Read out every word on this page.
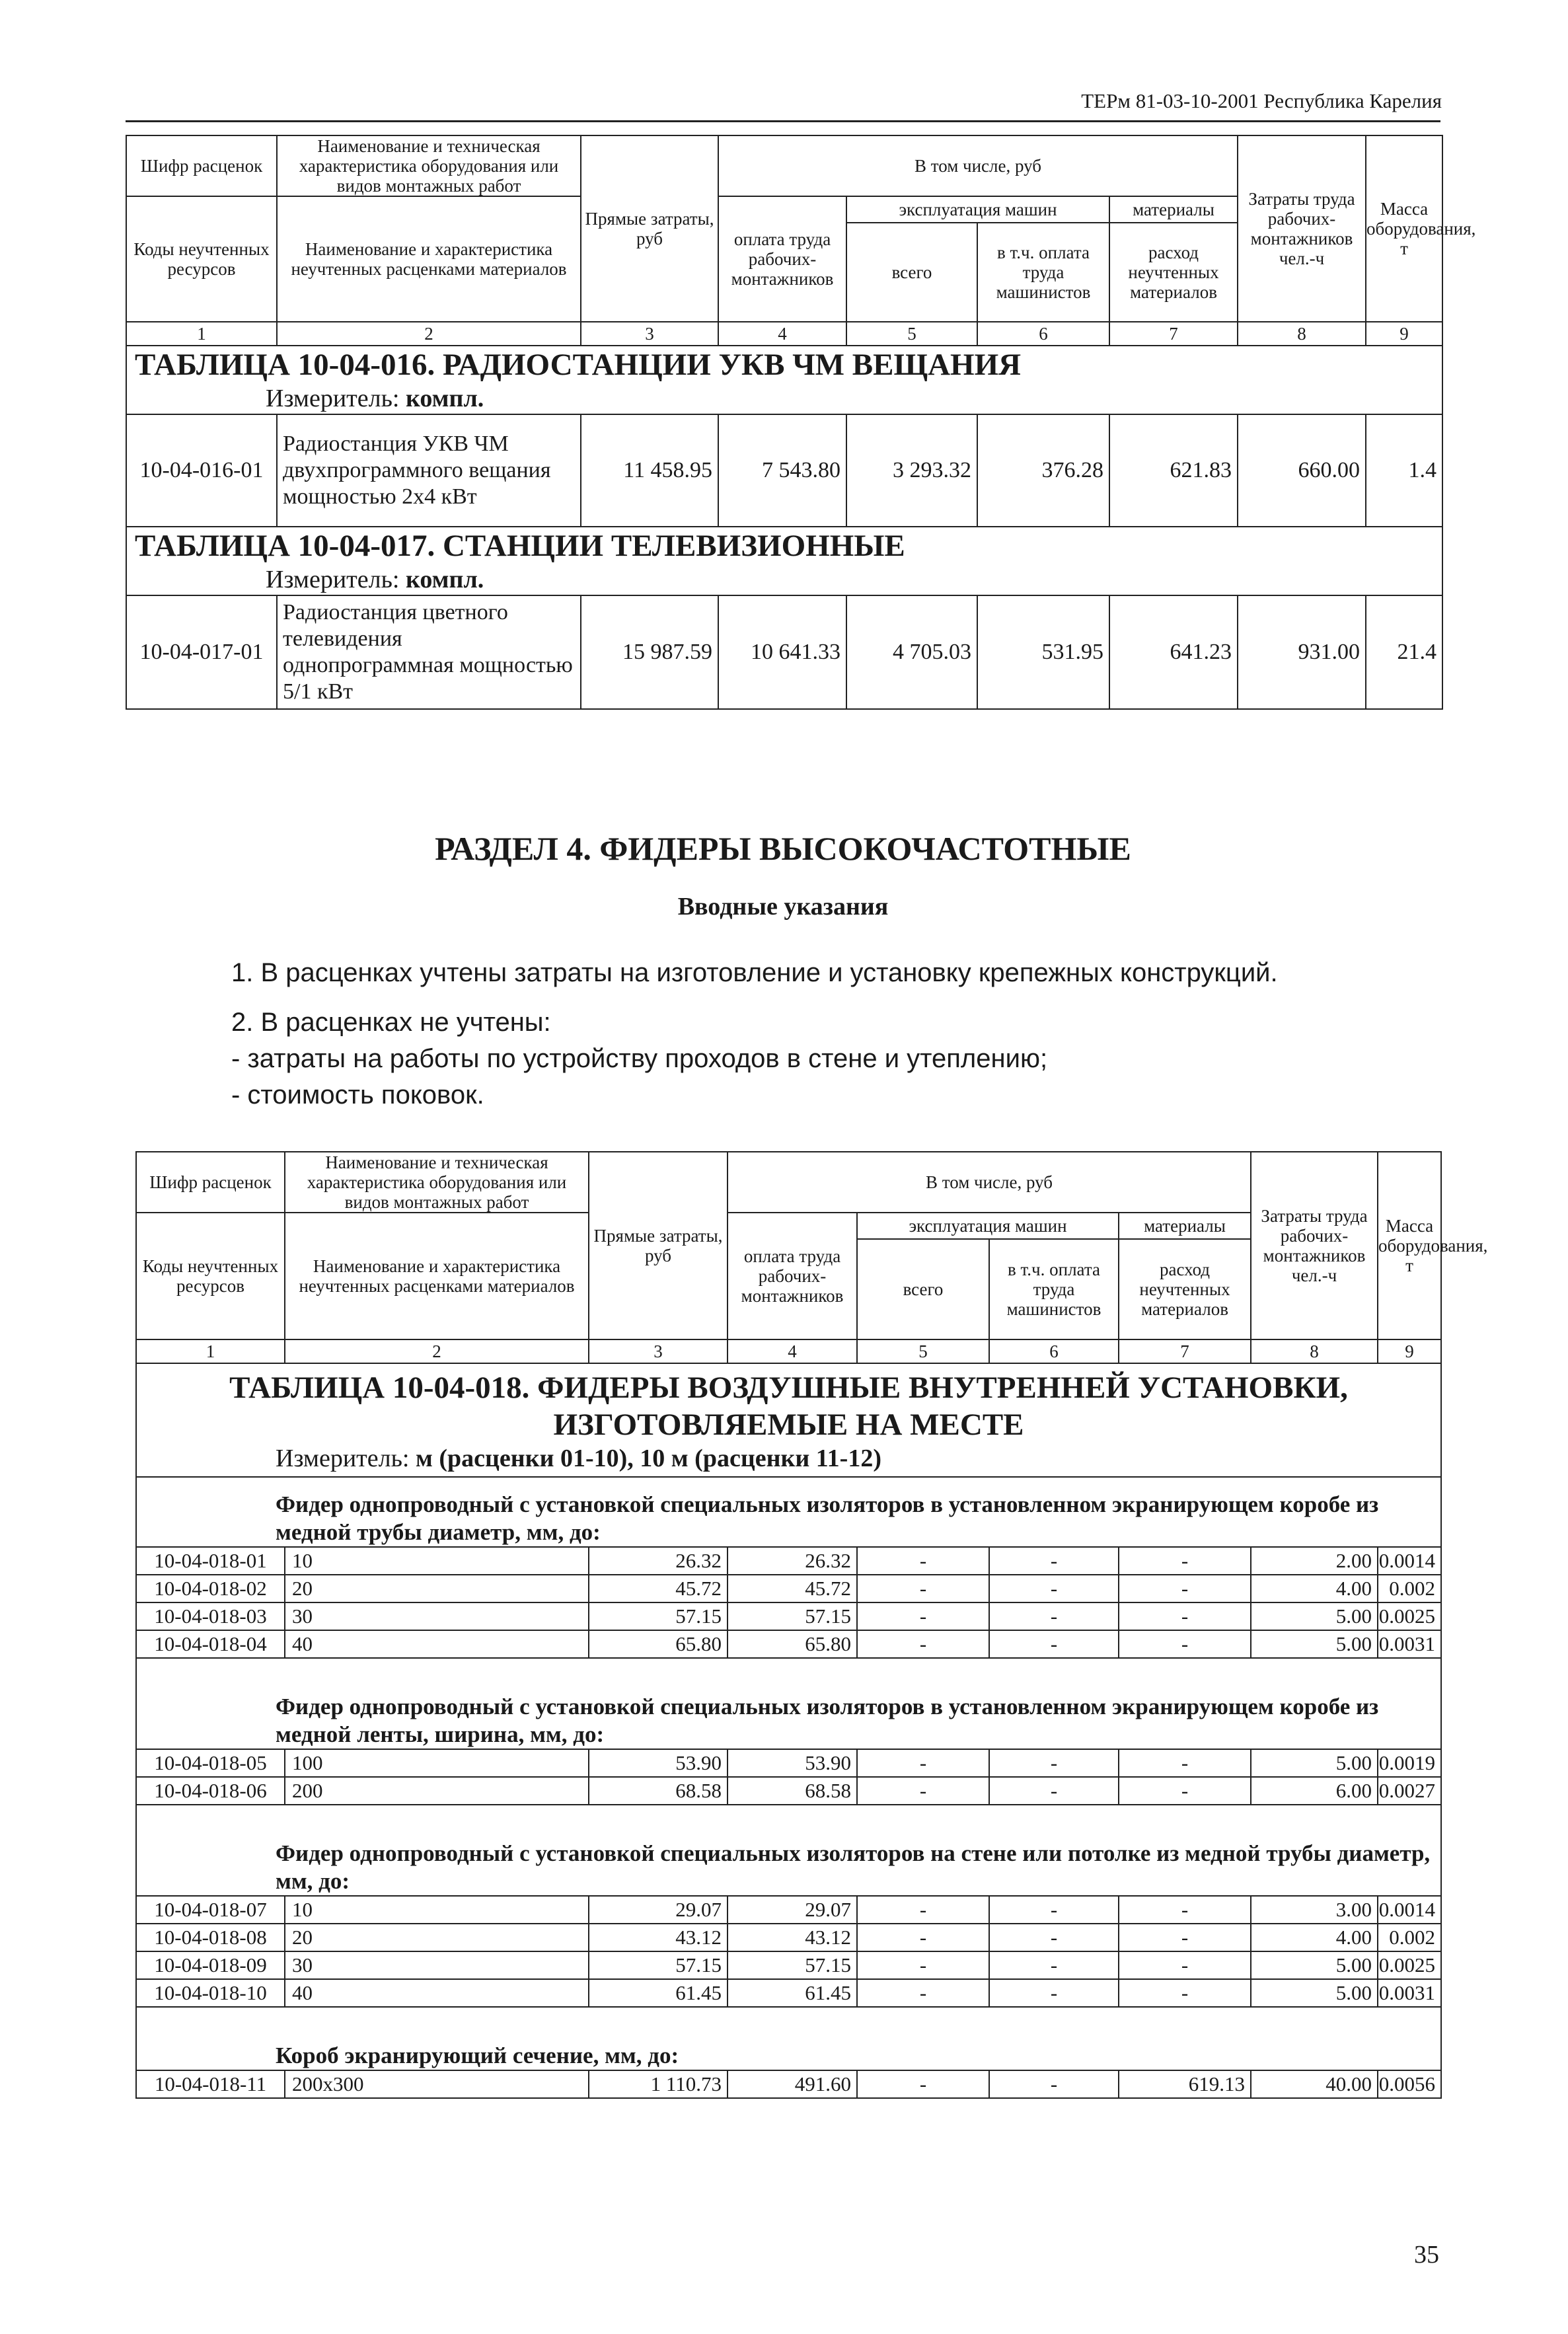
ТЕРм 81-03-10-2001 Республика Карелия
Шифр расценок	Наименование и техническая характеристика оборудования или видов монтажных работ	Прямые затраты, руб	В том числе, руб				Затраты труда рабочих-монтажников чел.-ч	Масса оборудования, т
Коды неучтенных ресурсов	Наименование и характеристика неучтенных расценками материалов		оплата труда рабочих-монтажников	эксплуатация машин		материалы		
				всего	в т.ч. оплата труда машинистов	расход неучтенных материалов		

1	2	3	4	5	6	7	8	9

ТАБЛИЦА 10-04-016. РАДИОСТАНЦИИ УКВ ЧМ ВЕЩАНИЯ
Измеритель: компл.								

10-04-016-01	Радиостанция УКВ ЧМ двухпрограммного вещания мощностью 2х4 кВт	11 458.95	7 543.80	3 293.32	376.28	621.83	660.00	1.4

ТАБЛИЦА 10-04-017. СТАНЦИИ ТЕЛЕВИЗИОННЫЕ
Измеритель: компл.								

10-04-017-01	Радиостанция цветного телевидения однопрограммная мощностью 5/1 кВт	15 987.59	10 641.33	4 705.03	531.95	641.23	931.00	21.4
РАЗДЕЛ 4. ФИДЕРЫ ВЫСОКОЧАСТОТНЫЕ
Вводные указания
1. В расценках учтены затраты на изготовление и установку крепежных конструкций.
2. В расценках не учтены:
- затраты на работы по устройству проходов в стене и утеплению;
- стоимость поковок.
Шифр расценок	Наименование и техническая характеристика оборудования или видов монтажных работ	Прямые затраты, руб	В том числе, руб				Затраты труда рабочих-монтажников чел.-ч	Масса оборудования, т
Коды неучтенных ресурсов	Наименование и характеристика неучтенных расценками материалов		оплата труда рабочих-монтажников	эксплуатация машин		материалы		
				всего	в т.ч. оплата труда машинистов	расход неучтенных материалов		

1	2	3	4	5	6	7	8	9

ТАБЛИЦА 10-04-018. ФИДЕРЫ ВОЗДУШНЫЕ ВНУТРЕННЕЙ УСТАНОВКИ,
ИЗГОТОВЛЯЕМЫЕ НА МЕСТЕ
Измеритель: м (расценки 01-10), 10 м (расценки 11-12)								

Фидер однопроводный с установкой специальных изоляторов в установленном экранирующем коробе из медной трубы диаметр, мм, до:								
10-04-018-01	10	26.32	26.32	-	-	-	2.00	0.0014
10-04-018-02	20	45.72	45.72	-	-	-	4.00	0.002
10-04-018-03	30	57.15	57.15	-	-	-	5.00	0.0025
10-04-018-04	40	65.80	65.80	-	-	-	5.00	0.0031
Фидер однопроводный с установкой специальных изоляторов в установленном экранирующем коробе из медной ленты, ширина, мм, до:								
10-04-018-05	100	53.90	53.90	-	-	-	5.00	0.0019
10-04-018-06	200	68.58	68.58	-	-	-	6.00	0.0027
Фидер однопроводный с установкой специальных изоляторов на стене или потолке из медной трубы диаметр, мм, до:								
10-04-018-07	10	29.07	29.07	-	-	-	3.00	0.0014
10-04-018-08	20	43.12	43.12	-	-	-	4.00	0.002
10-04-018-09	30	57.15	57.15	-	-	-	5.00	0.0025
10-04-018-10	40	61.45	61.45	-	-	-	5.00	0.0031
Короб экранирующий сечение, мм, до:								
10-04-018-11	200x300	1 110.73	491.60	-	-	619.13	40.00	0.0056
35
